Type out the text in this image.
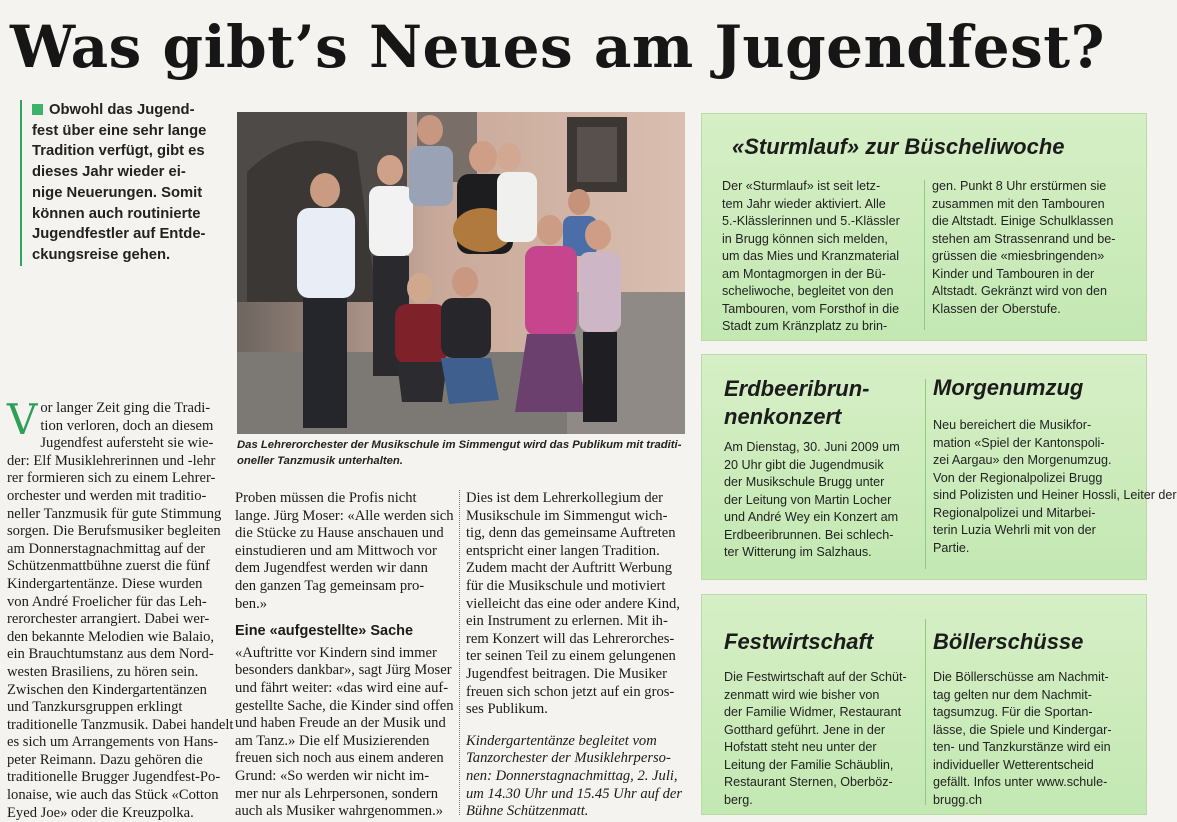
Was gibt’s Neues am Jugendfest?
Obwohl das Jugend-
fest über eine sehr lange
Tradition verfügt, gibt es
dieses Jahr wieder ei-
nige Neuerungen. Somit
können auch routinierte
Jugendfestler auf Entde-
ckungsreise gehen.
Das Lehrerorchester der Musikschule im Simmengut wird das Publikum mit traditi-
oneller Tanzmusik unterhalten.
V or langer Zeit ging die Tradi-
tion verloren, doch an diesem
Jugendfest aufersteht sie wie-
der: Elf Musiklehrerinnen und -lehr
rer formieren sich zu einem Lehrer-
orchester und werden mit traditio-
neller Tanzmusik für gute Stimmung
sorgen. Die Berufsmusiker begleiten
am Donnerstagnachmittag auf der
Schützenmattbühne zuerst die fünf
Kindergartentänze. Diese wurden
von André Froelicher für das Leh-
rerorchester arrangiert. Dabei wer-
den bekannte Melodien wie Balaio,
ein Brauchtumstanz aus dem Nord-
westen Brasiliens, zu hören sein.
Zwischen den Kindergartentänzen
und Tanzkursgruppen erklingt
traditionelle Tanzmusik. Dabei handelt
es sich um Arrangements von Hans-
peter Reimann. Dazu gehören die
traditionelle Brugger Jugendfest-Po-
lonaise, wie auch das Stück «Cotton
Eyed Joe» oder die Kreuzpolka.
Proben müssen die Profis nicht
lange. Jürg Moser: «Alle werden sich
die Stücke zu Hause anschauen und
einstudieren und am Mittwoch vor
dem Jugendfest werden wir dann
den ganzen Tag gemeinsam pro-
ben.»
Eine «aufgestellte» Sache
«Auftritte vor Kindern sind immer
besonders dankbar», sagt Jürg Moser
und fährt weiter: «das wird eine auf-
gestellte Sache, die Kinder sind offen
und haben Freude an der Musik und
am Tanz.» Die elf Musizierenden
freuen sich noch aus einem anderen
Grund: «So werden wir nicht im-
mer nur als Lehrpersonen, sondern
auch als Musiker wahrgenommen.»
Dies ist dem Lehrerkollegium der
Musikschule im Simmengut wich-
tig, denn das gemeinsame Auftreten
entspricht einer langen Tradition.
Zudem macht der Auftritt Werbung
für die Musikschule und motiviert
vielleicht das eine oder andere Kind,
ein Instrument zu erlernen. Mit ih-
rem Konzert will das Lehrerorches-
ter seinen Teil zu einem gelungenen
Jugendfest beitragen. Die Musiker
freuen sich schon jetzt auf ein gros-
ses Publikum.
Kindergartentänze begleitet vom
Tanzorchester der Musiklehrperso-
nen: Donnerstagnachmittag, 2. Juli,
um 14.30 Uhr und 15.45 Uhr auf der
Bühne Schützenmatt.
«Sturmlauf» zur Büscheliwoche
Der «Sturmlauf» ist seit letz-
tem Jahr wieder aktiviert. Alle
5.-Klässlerinnen und 5.-Klässler
in Brugg können sich melden,
um das Mies und Kranzmaterial
am Montagmorgen in der Bü-
scheliwoche, begleitet von den
Tambouren, vom Forsthof in die
Stadt zum Kränzplatz zu brin-
gen. Punkt 8 Uhr erstürmen sie
zusammen mit den Tambouren
die Altstadt. Einige Schulklassen
stehen am Strassenrand und be-
grüssen die «miesbringenden»
Kinder und Tambouren in der
Altstadt. Gekränzt wird von den
Klassen der Oberstufe.
Erdbeeribrun-
nenkonzert
Am Dienstag, 30. Juni 2009 um
20 Uhr gibt die Jugendmusik
der Musikschule Brugg unter
der Leitung von Martin Locher
und André Wey ein Konzert am
Erdbeeribrunnen. Bei schlech-
ter Witterung im Salzhaus.
Morgenumzug
Neu bereichert die Musikfor-
mation «Spiel der Kantonspoli-
zei Aargau» den Morgenumzug.
Von der Regionalpolizei Brugg
sind Polizisten und Heiner Hossli, Leiter der
Regionalpolizei und Mitarbei-
terin Luzia Wehrli mit von der
Partie.
Festwirtschaft
Die Festwirtschaft auf der Schüt-
zenmatt wird wie bisher von
der Familie Widmer, Restaurant
Gotthard geführt. Jene in der
Hofstatt steht neu unter der
Leitung der Familie Schäublin,
Restaurant Sternen, Oberböz-
berg.
Böllerschüsse
Die Böllerschüsse am Nachmit-
tag gelten nur dem Nachmit-
tagsumzug. Für die Sportan-
lässe, die Spiele und Kindergar-
ten- und Tanzkurstänze wird ein
individueller Wetterentscheid
gefällt. Infos unter www.schule-
brugg.ch
